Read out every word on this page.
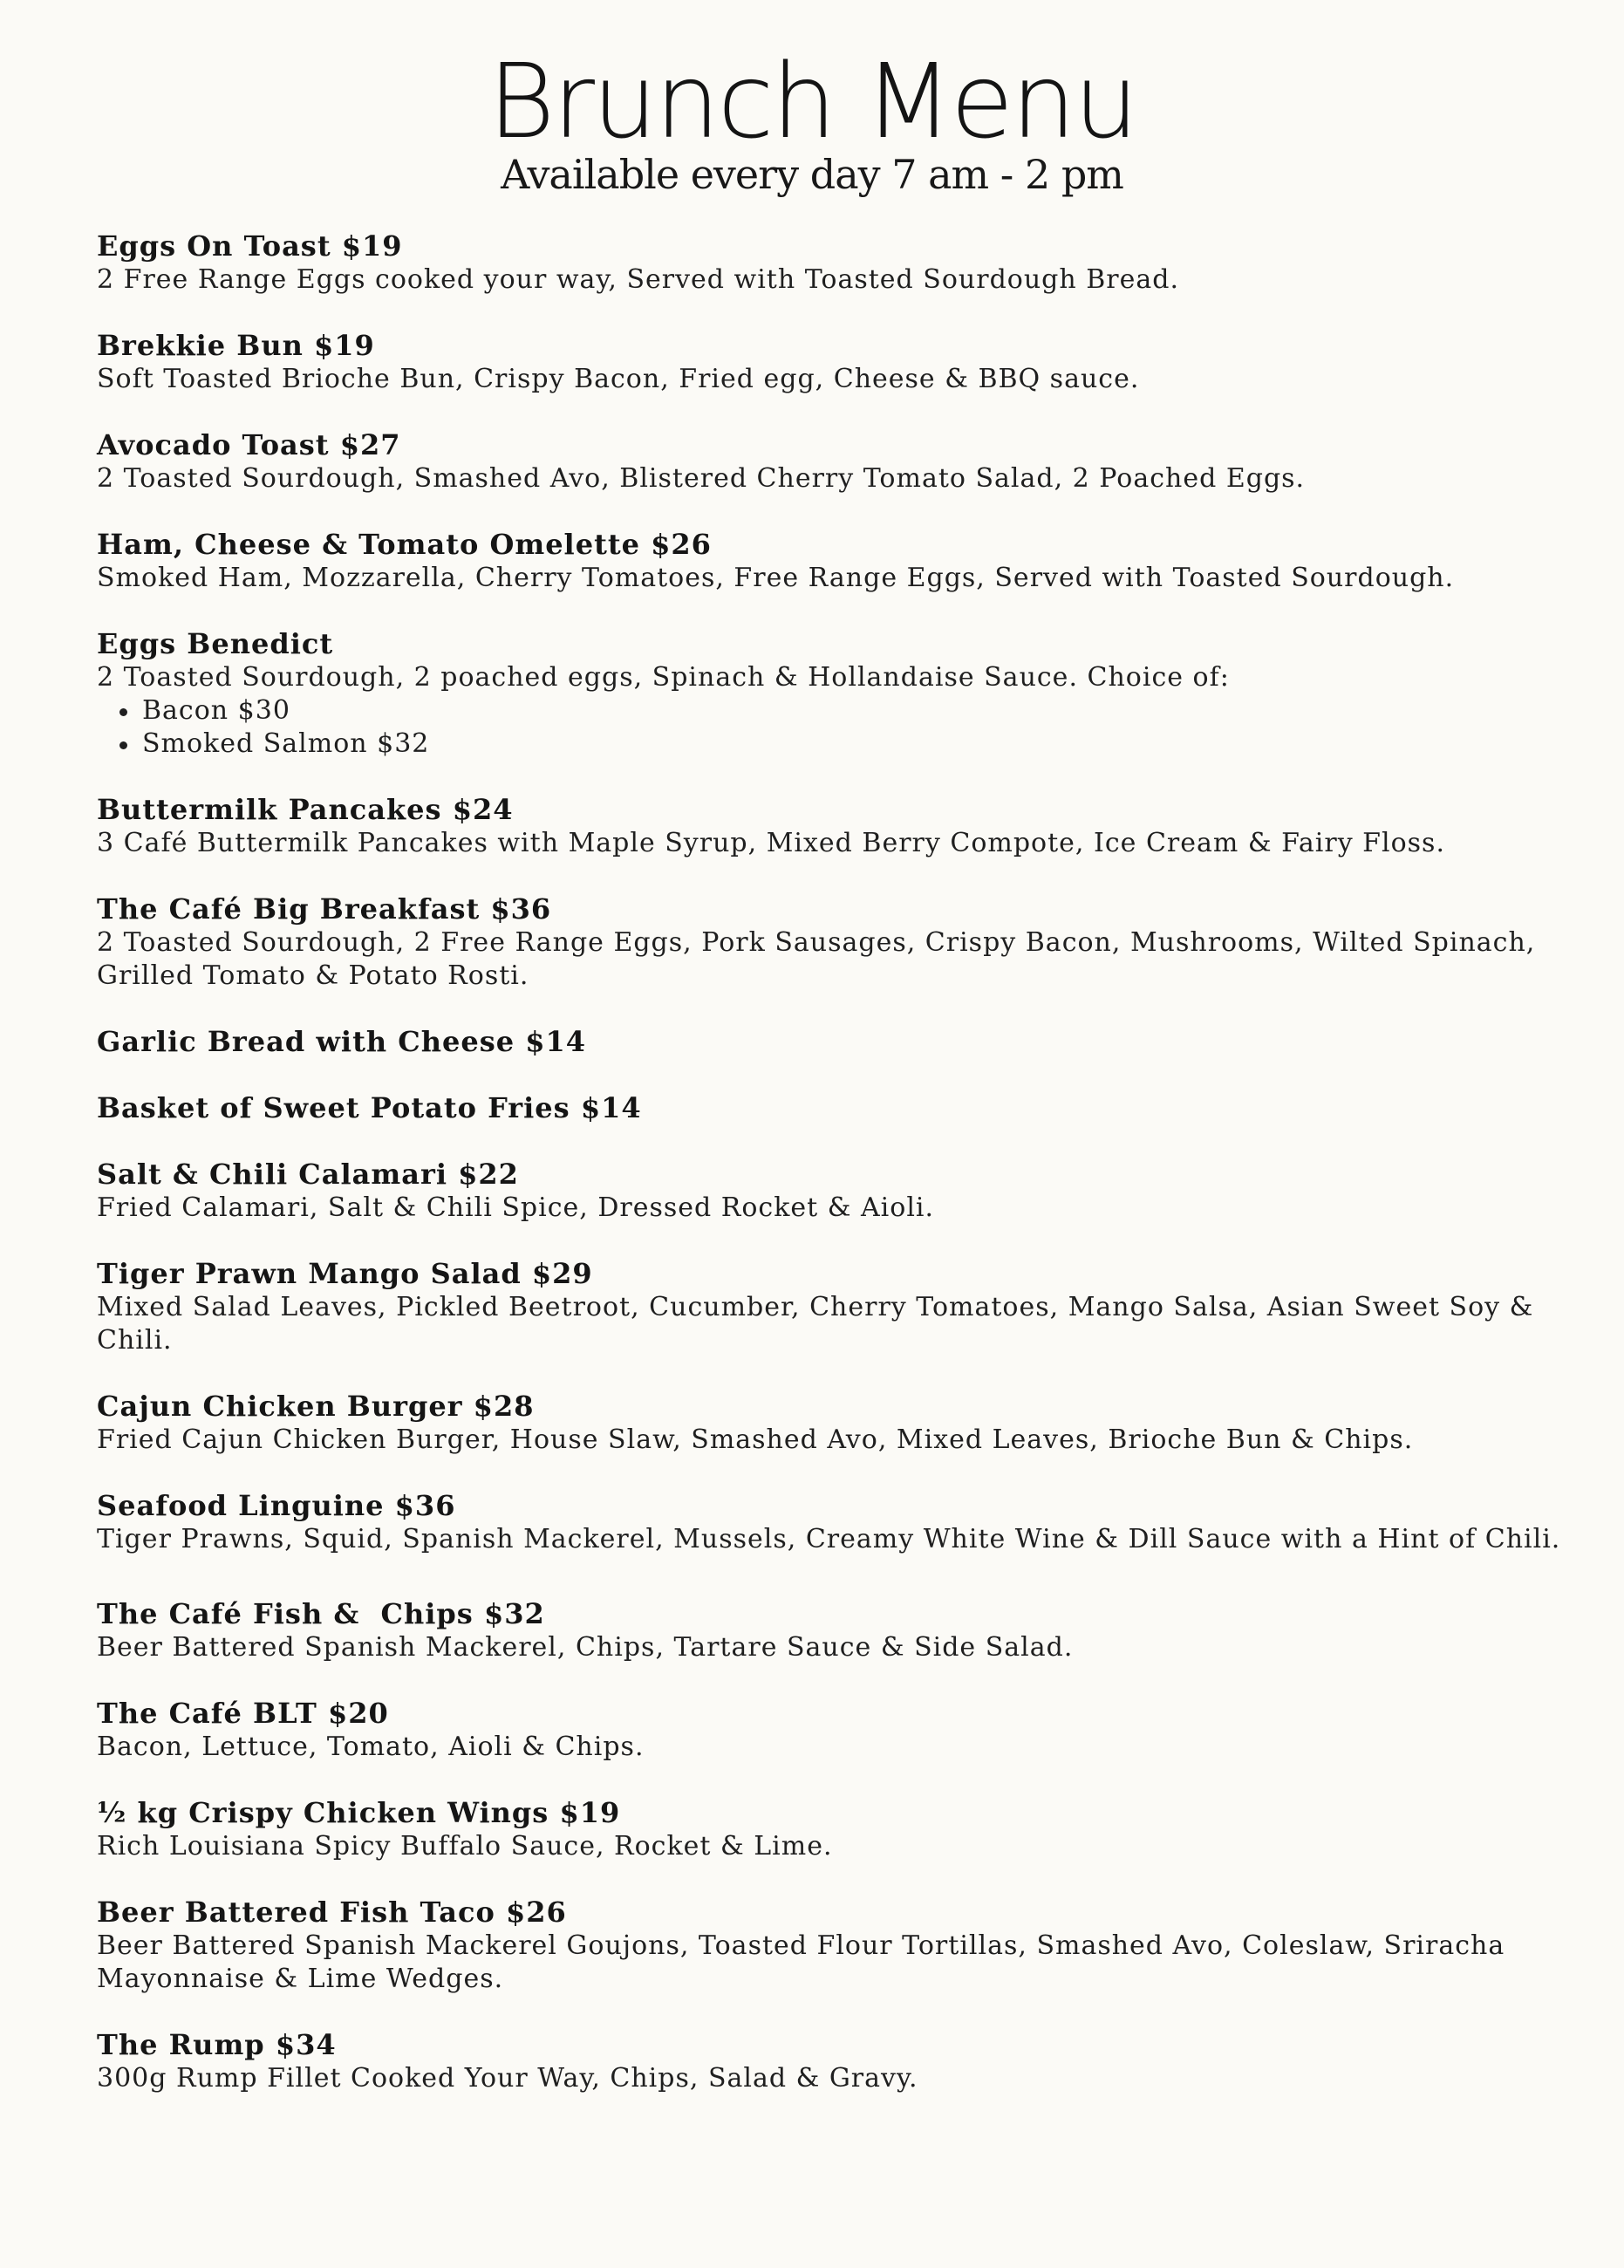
Brunch Menu

Available every day 7 am - 2 pm

Eggs On Toast $19
2 Free Range Eggs cooked your way, Served with Toasted Sourdough Bread.
Brekkie Bun $19
Soft Toasted Brioche Bun, Crispy Bacon, Fried egg, Cheese & BBQ sauce.
Avocado Toast $27
2 Toasted Sourdough, Smashed Avo, Blistered Cherry Tomato Salad, 2 Poached Eggs.
Ham, Cheese & Tomato Omelette $26
Smoked Ham, Mozzarella, Cherry Tomatoes, Free Range Eggs, Served with Toasted Sourdough.
Eggs Benedict
2 Toasted Sourdough, 2 poached eggs, Spinach & Hollandaise Sauce. Choice of:
Bacon $30
Smoked Salmon $32
Buttermilk Pancakes $24
3 Café Buttermilk Pancakes with Maple Syrup, Mixed Berry Compote, Ice Cream & Fairy Floss.
The Café Big Breakfast $36
2 Toasted Sourdough, 2 Free Range Eggs, Pork Sausages, Crispy Bacon, Mushrooms, Wilted Spinach, Grilled Tomato & Potato Rosti.
Garlic Bread with Cheese $14
Basket of Sweet Potato Fries $14
Salt & Chili Calamari $22
Fried Calamari, Salt & Chili Spice, Dressed Rocket & Aioli.
Tiger Prawn Mango Salad $29
Mixed Salad Leaves, Pickled Beetroot, Cucumber, Cherry Tomatoes, Mango Salsa, Asian Sweet Soy & Chili.
Cajun Chicken Burger $28
Fried Cajun Chicken Burger, House Slaw, Smashed Avo, Mixed Leaves, Brioche Bun & Chips.
Seafood Linguine $36
Tiger Prawns, Squid, Spanish Mackerel, Mussels, Creamy White Wine & Dill Sauce with a Hint of Chili.
The Café Fish &  Chips $32
Beer Battered Spanish Mackerel, Chips, Tartare Sauce & Side Salad.
The Café BLT $20
Bacon, Lettuce, Tomato, Aioli & Chips.
½ kg Crispy Chicken Wings $19
Rich Louisiana Spicy Buffalo Sauce, Rocket & Lime.
Beer Battered Fish Taco $26
Beer Battered Spanish Mackerel Goujons, Toasted Flour Tortillas, Smashed Avo, Coleslaw, Sriracha Mayonnaise & Lime Wedges.
The Rump $34
300g Rump Fillet Cooked Your Way, Chips, Salad & Gravy.
